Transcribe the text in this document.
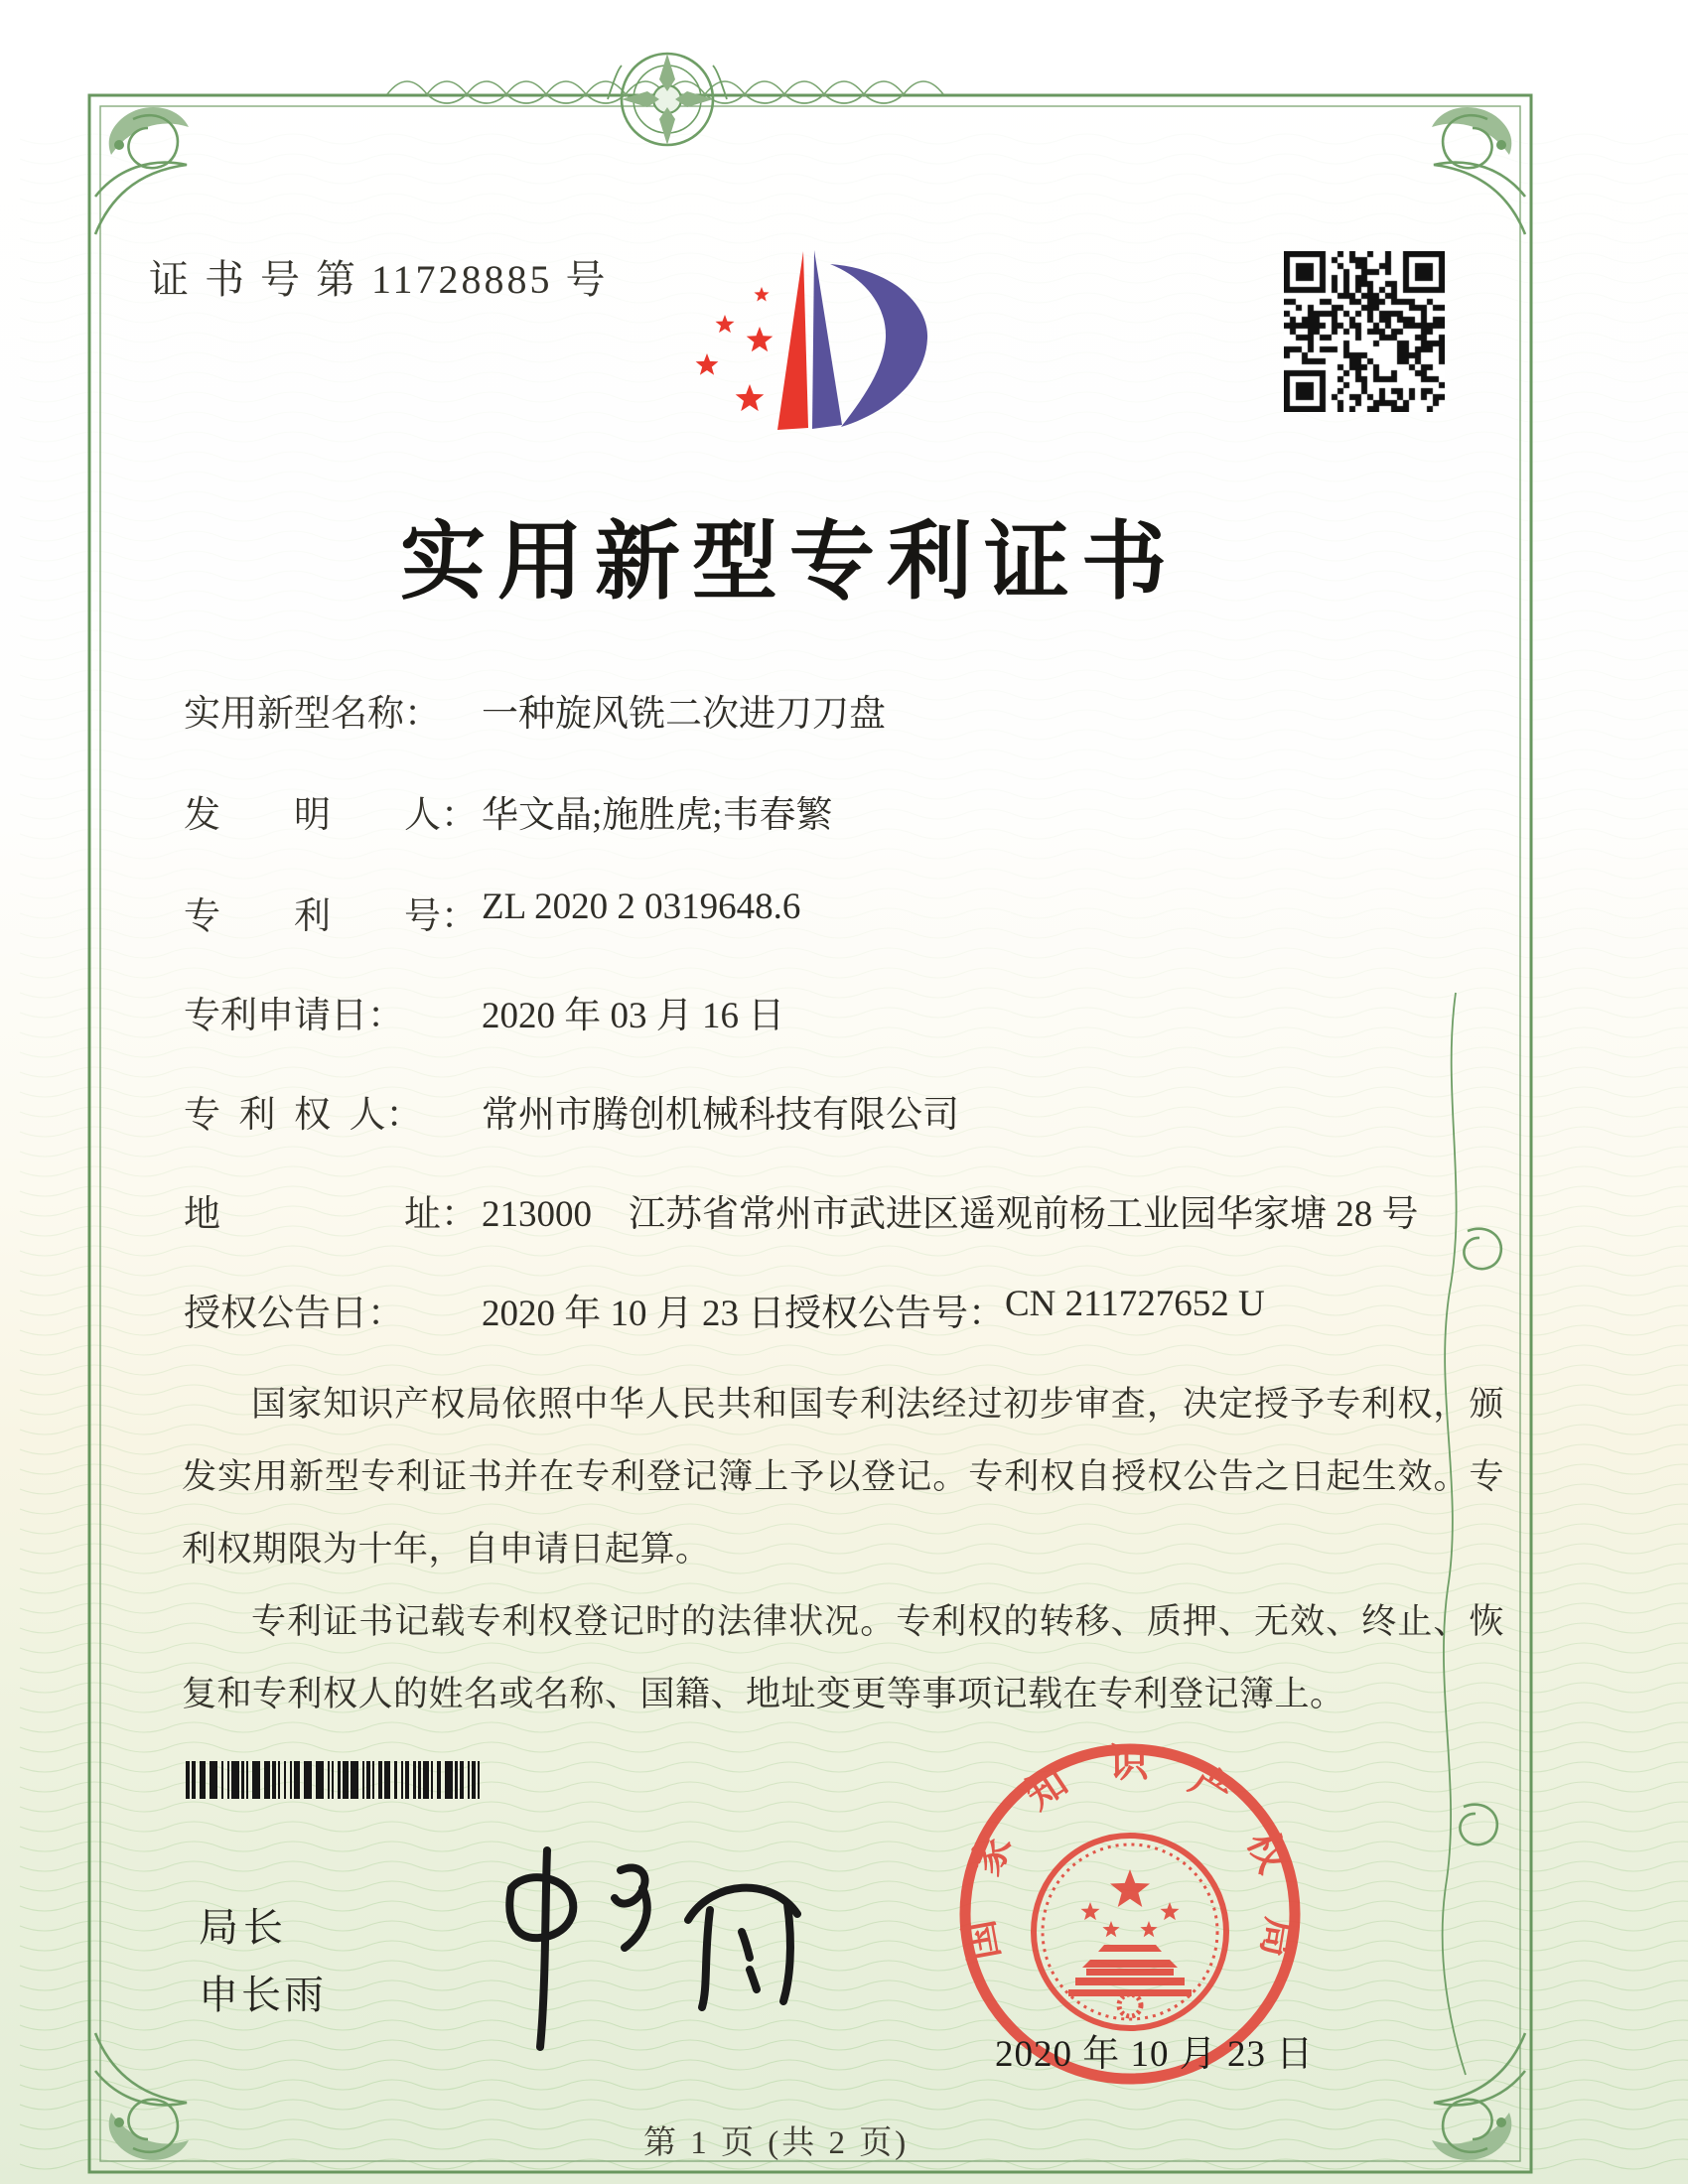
证 书 号 第 11728885 号
实用新型专利证书
实用新型名称：	一种旋风铣二次进刀刀盘
发　　明　　人： 华文晶;施胜虎;韦春繁
专　　利　　号： ZL 2020 2 0319648.6
专利申请日：	2020 年 03 月 16 日
专 利 权 人：	常州市腾创机械科技有限公司
地　　　　　址： 213000　江苏省常州市武进区遥观前杨工业园华家塘 28 号
授权公告日：	2020 年 10 月 23 日 授权公告号： CN 211727652 U

国家知识产权局依照中华人民共和国专利法经过初步审查，决定授予专利权，颁发实用新型专利证书并在专利登记簿上予以登记。专利权自授权公告之日起生效。专利权期限为十年，自申请日起算。

专利证书记载专利权登记时的法律状况。专利权的转移、质押、无效、终止、恢复和专利权人的姓名或名称、国籍、地址变更等事项记载在专利登记簿上。

局长
申长雨
国家知识产权局
2020 年 10 月 23 日
第 1 页 (共 2 页)
